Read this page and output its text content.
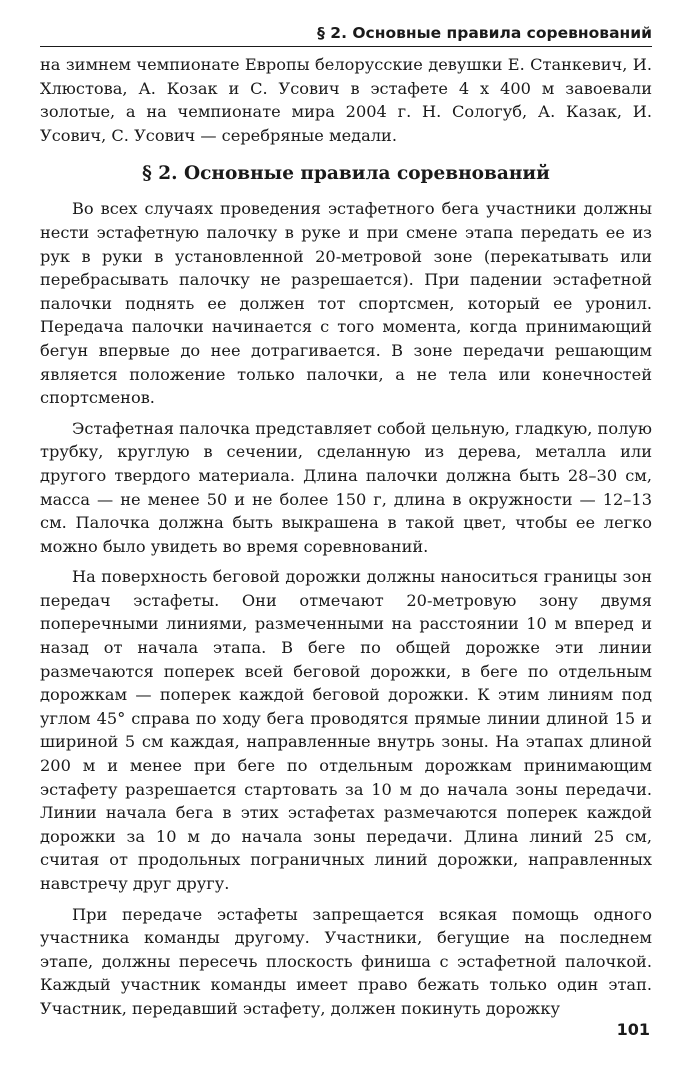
§ 2. Основные правила соревнований

на зимнем чемпионате Европы белорусские девушки Е. Станкевич, И. Хлюстова, А. Козак и С. Усович в эстафете 4 х 400 м завоевали золотые, а на чемпионате мира 2004 г. Н. Сологуб, А. Казак, И. Усович, С. Усович — серебряные медали.

§ 2. Основные правила соревнований

Во всех случаях проведения эстафетного бега участники должны нести эстафетную палочку в руке и при смене этапа передать ее из рук в руки в установленной 20-метровой зоне (перекатывать или перебрасывать палочку не разрешается). При падении эстафетной палочки поднять ее должен тот спортсмен, который ее уронил. Передача палочки начинается с того момента, когда принимающий бегун впервые до нее дотрагивается. В зоне передачи решающим является положение только палочки, а не тела или конечностей спортсменов.

Эстафетная палочка представляет собой цельную, гладкую, полую трубку, круглую в сечении, сделанную из дерева, металла или другого твердого материала. Длина палочки должна быть 28–30 см, масса — не менее 50 и не более 150 г, длина в окружности — 12–13 см. Палочка должна быть выкрашена в такой цвет, чтобы ее легко можно было увидеть во время соревнований.

На поверхность беговой дорожки должны наноситься границы зон передач эстафеты. Они отмечают 20-метровую зону двумя поперечными линиями, размеченными на расстоянии 10 м вперед и назад от начала этапа. В беге по общей дорожке эти линии размечаются поперек всей беговой дорожки, в беге по отдельным дорожкам — поперек каждой беговой дорожки. К этим линиям под углом 45° справа по ходу бега проводятся прямые линии длиной 15 и шириной 5 см каждая, направленные внутрь зоны. На этапах длиной 200 м и менее при беге по отдельным дорожкам принимающим эстафету разрешается стартовать за 10 м до начала зоны передачи. Линии начала бега в этих эстафетах размечаются поперек каждой дорожки за 10 м до начала зоны передачи. Длина линий 25 см, считая от продольных пограничных линий дорожки, направленных навстречу друг другу.

При передаче эстафеты запрещается всякая помощь одного участника команды другому. Участники, бегущие на последнем этапе, должны пересечь плоскость финиша с эстафетной палочкой. Каждый участник команды имеет право бежать только один этап. Участник, передавший эстафету, должен покинуть дорожку

101
